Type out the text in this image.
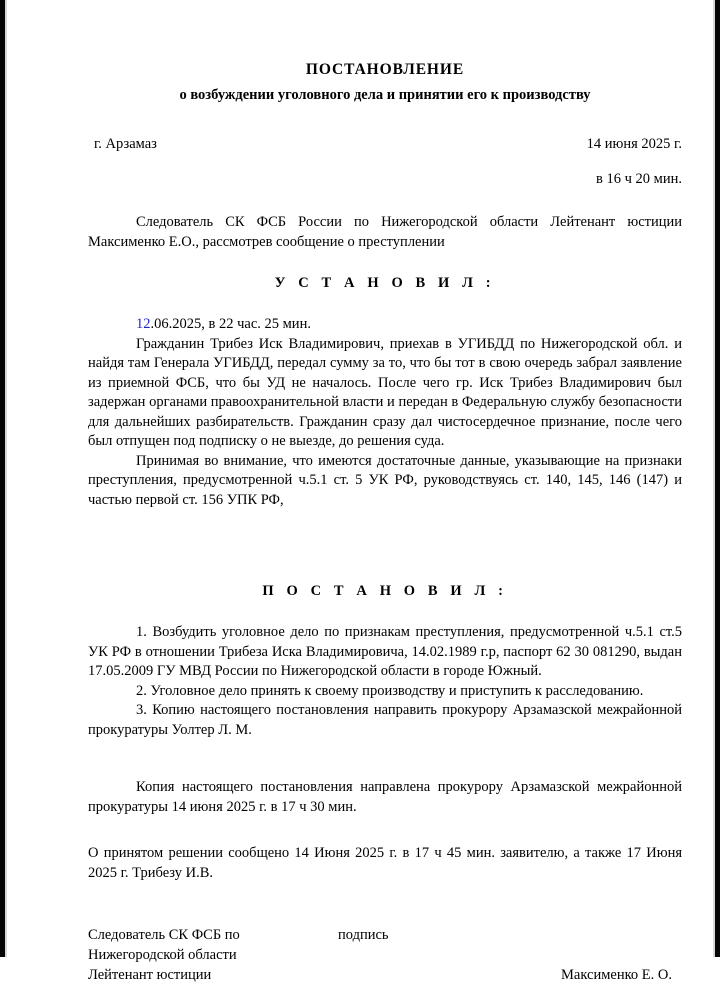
ПОСТАНОВЛЕНИЕ
о возбуждении уголовного дела и принятии его к производству
г. Арзамаз	14 июня 2025 г.
в 16 ч 20 мин.

Следователь СК ФСБ России по Нижегородской области Лейтенант юстиции Максименко Е.О., рассмотрев сообщение о преступлении

У С Т А Н О В И Л :

12.06.2025, в 22 час. 25 мин.

Гражданин Трибез Иск Владимирович, приехав в УГИБДД по Нижегородской обл. и найдя там Генерала УГИБДД, передал сумму за то, что бы тот в свою очередь забрал заявление из приемной ФСБ, что бы УД не началось. После чего гр. Иск Трибез Владимирович был задержан органами правоохранительной власти и передан в Федеральную службу безопасности для дальнейших разбирательств. Гражданин сразу дал чистосердечное признание, после чего был отпущен под подписку о не выезде, до решения суда.

Принимая во внимание, что имеются достаточные данные, указывающие на признаки преступления, предусмотренной ч.5.1 ст. 5 УК РФ, руководствуясь ст. 140, 145, 146 (147) и частью первой ст. 156 УПК РФ,

П О С Т А Н О В И Л :

1. Возбудить уголовное дело по признакам преступления, предусмотренной ч.5.1 ст.5 УК РФ в отношении Трибеза Иска Владимировича, 14.02.1989 г.р, паспорт 62 30 081290, выдан 17.05.2009 ГУ МВД России по Нижегородской области в городе Южный.

2. Уголовное дело принять к своему производству и приступить к расследованию.

3. Копию настоящего постановления направить прокурору Арзамазской межрайонной прокуратуры Уолтер Л. М.

Копия настоящего постановления направлена прокурору Арзамазской межрайонной прокуратуры 14 июня 2025 г. в 17 ч 30 мин.

О принятом решении сообщено 14 Июня 2025 г. в 17 ч 45 мин. заявителю, а также 17 Июня 2025 г. Трибезу И.В.

Следователь СК ФСБ по	подпись
Нижегородской области
Лейтенант юстиции	Максименко Е. О.
